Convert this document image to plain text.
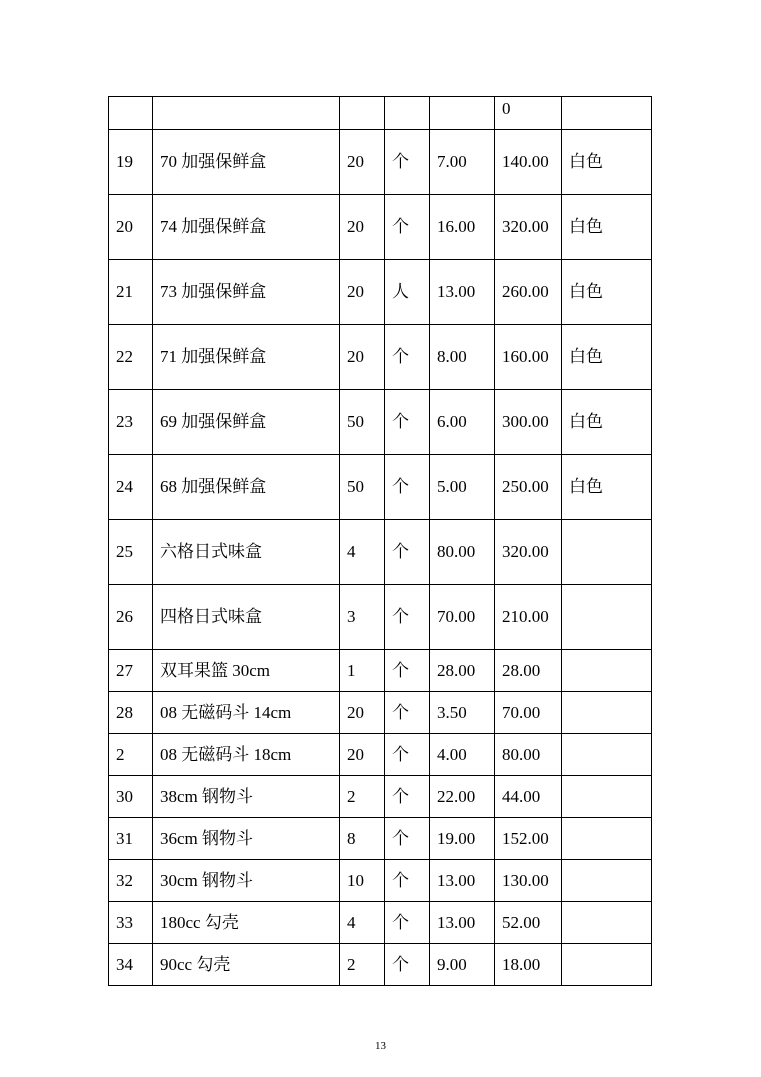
					0	
19	70 加强保鲜盒	20	个	7.00	140.00	白色
20	74 加强保鲜盒	20	个	16.00	320.00	白色
21	73 加强保鲜盒	20	人	13.00	260.00	白色
22	71 加强保鲜盒	20	个	8.00	160.00	白色
23	69 加强保鲜盒	50	个	6.00	300.00	白色
24	68 加强保鲜盒	50	个	5.00	250.00	白色
25	六格日式味盒	4	个	80.00	320.00	
26	四格日式味盒	3	个	70.00	210.00	
27	双耳果篮 30cm	1	个	28.00	28.00	
28	08 无磁码斗 14cm	20	个	3.50	70.00	
2	08 无磁码斗 18cm	20	个	4.00	80.00	
30	38cm 钢物斗	2	个	22.00	44.00	
31	36cm 钢物斗	8	个	19.00	152.00	
32	30cm 钢物斗	10	个	13.00	130.00	
33	180cc 勾壳	4	个	13.00	52.00	
34	90cc 勾壳	2	个	9.00	18.00	
13
